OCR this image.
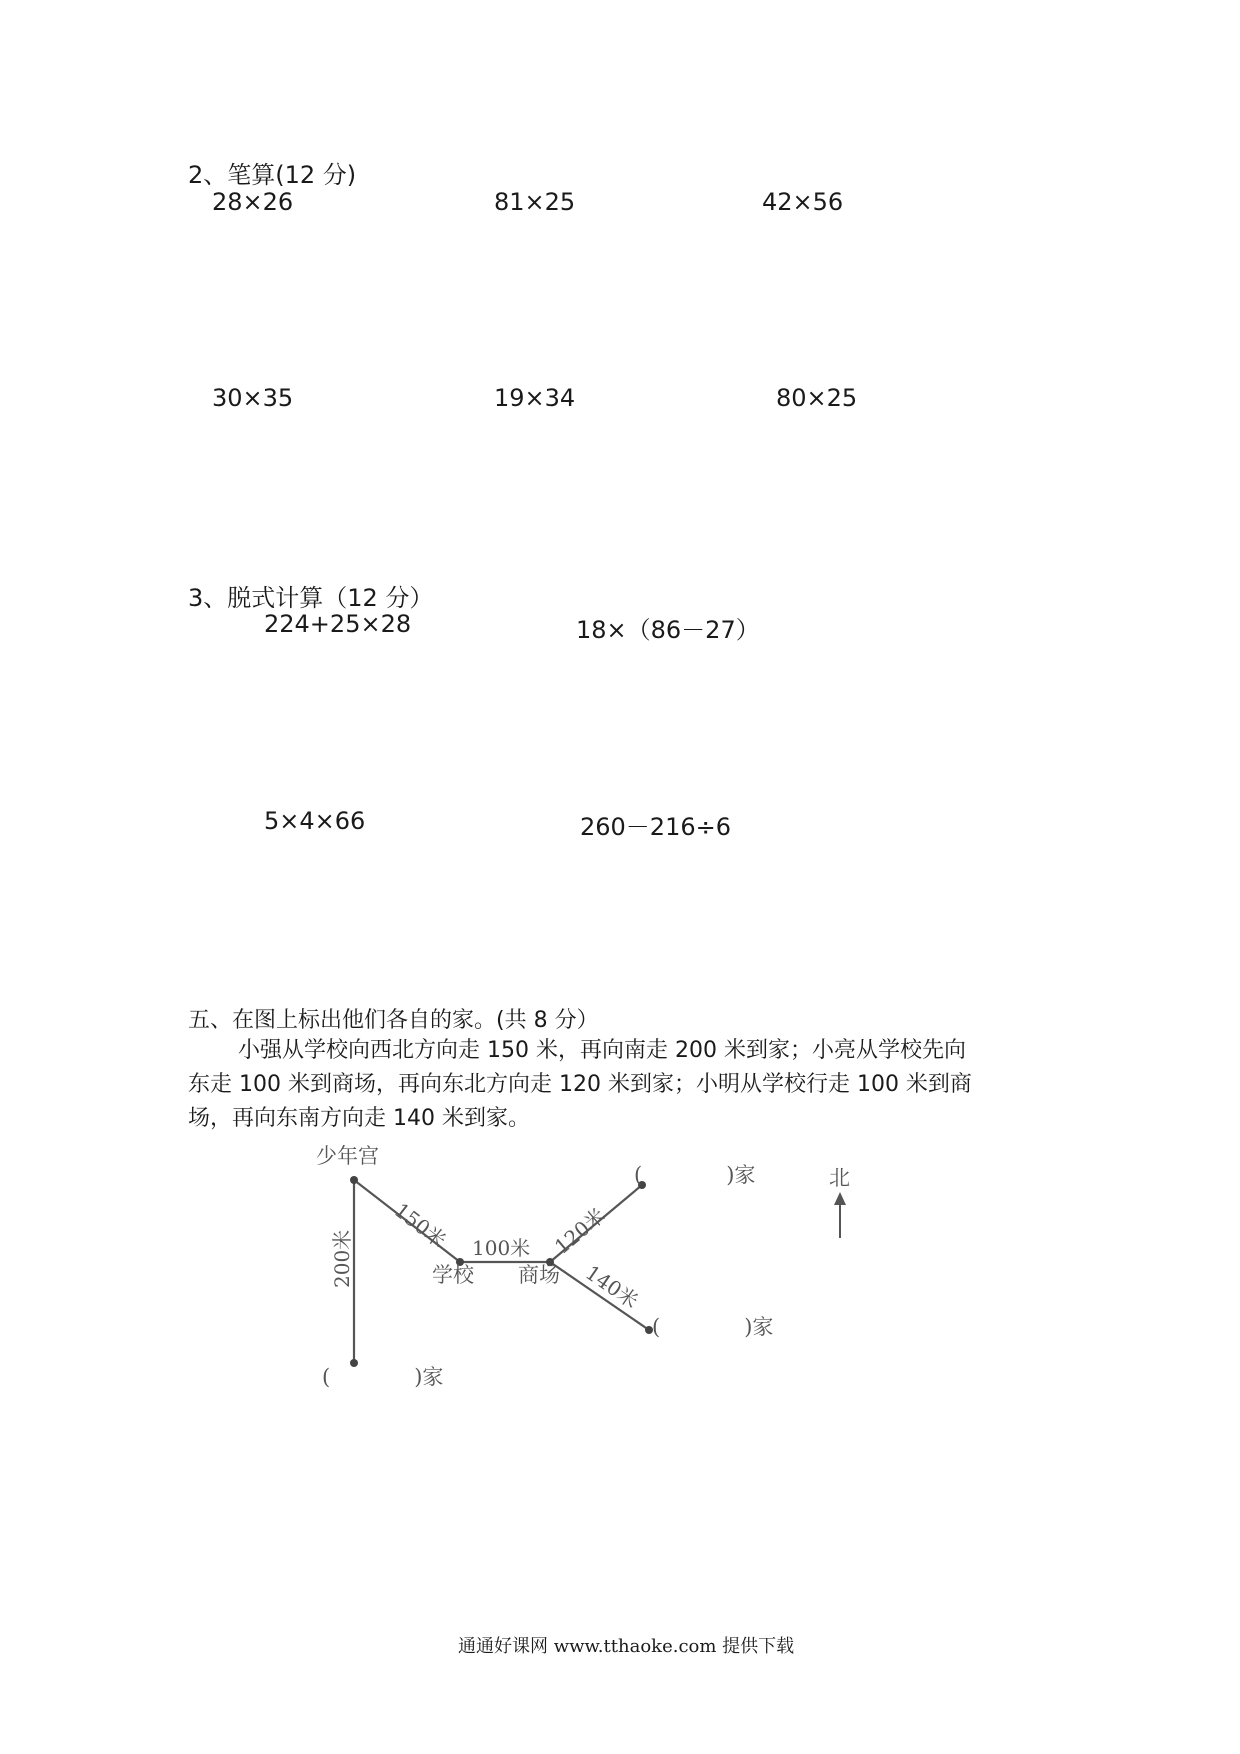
2、笔算(12 分)
28×26	81×25	42×56
30×35	19×34	80×25
3、脱式计算（12 分）
224+25×28	18×（86－27）
5×4×66	260－216÷6
五、在图上标出他们各自的家。(共 8 分）

小强从学校向西北方向走 150 米，再向南走 200 米到家；小亮从学校先向

东走 100 米到商场，再向东北方向走 120 米到家；小明从学校行走 100 米到商

场，再向东南方向走 140 米到家。

少年宫
学校 商场
150米
200米	100米 120米
140米
(　　　　)家
(　　　　)家
(　　　　)家
北
通通好课网 www.tthaoke.com 提供下载
